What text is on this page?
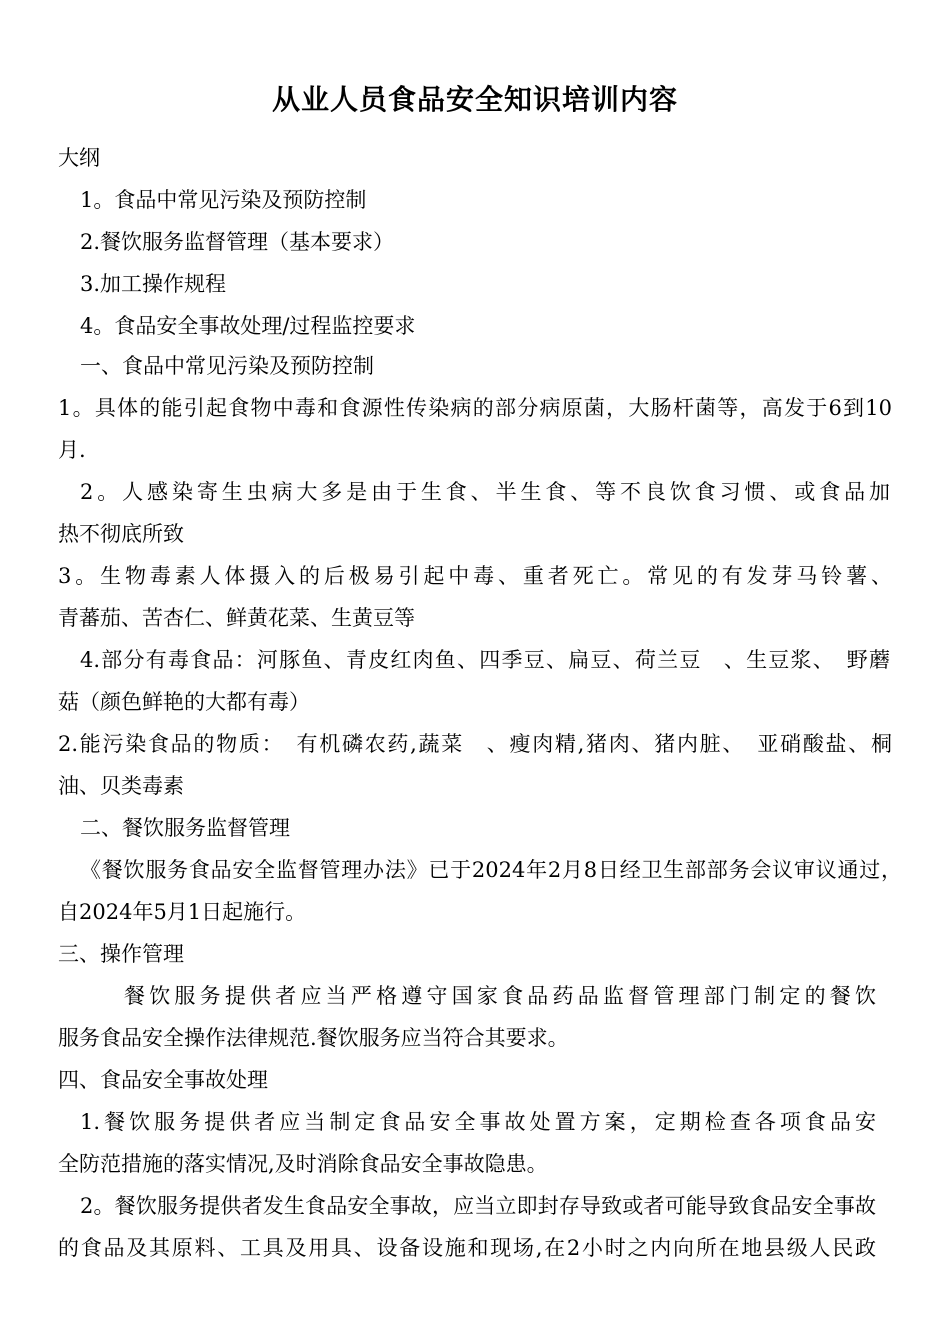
从业人员食品安全知识培训内容
大纲
1。食品中常见污染及预防控制
2.餐饮服务监督管理（基本要求）
3.加工操作规程
4。食品安全事故处理/过程监控要求
一、食品中常见污染及预防控制
1。具体的能引起食物中毒和食源性传染病的部分病原菌，大肠杆菌等，高发于6到10
月.
2。人感染寄生虫病大多是由于生食、半生食、等不良饮食习惯、或食品加
热不彻底所致
3。生物毒素人体摄入的后极易引起中毒、重者死亡。常见的有发芽马铃薯、
青蕃茄、苦杏仁、鲜黄花菜、生黄豆等
4.部分有毒食品：河豚鱼、青皮红肉鱼、四季豆、扁豆、荷兰豆　、生豆浆、　野蘑
菇（颜色鲜艳的大都有毒）
2.能污染食品的物质：　有机磷农药,蔬菜　、瘦肉精,猪肉、猪内脏、　亚硝酸盐、桐
油、贝类毒素
二、餐饮服务监督管理
《餐饮服务食品安全监督管理办法》已于2024年2月8日经卫生部部务会议审议通过，
自2024年5月1日起施行。
三、操作管理
餐饮服务提供者应当严格遵守国家食品药品监督管理部门制定的餐饮
服务食品安全操作法律规范.餐饮服务应当符合其要求。
四、食品安全事故处理
1.餐饮服务提供者应当制定食品安全事故处置方案，定期检查各项食品安
全防范措施的落实情况,及时消除食品安全事故隐患。
2。餐饮服务提供者发生食品安全事故，应当立即封存导致或者可能导致食品安全事故
的食品及其原料、工具及用具、设备设施和现场,在2小时之内向所在地县级人民政
